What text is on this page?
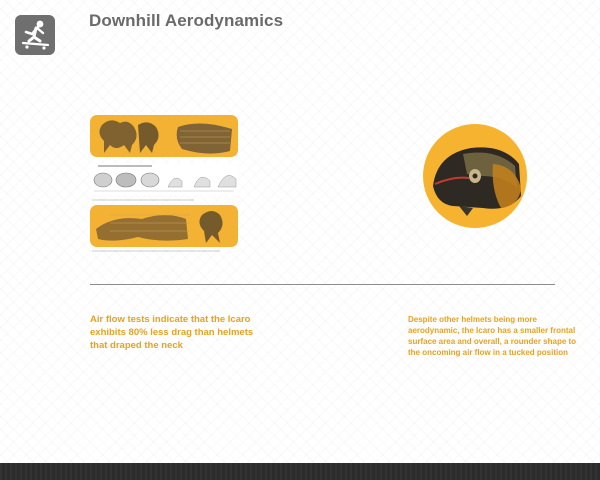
Downhill Aerodynamics

Air flow tests indicate that the Icaro exhibits 80% less drag than helmets that draped the neck

Despite other helmets being more aerodynamic, the Icaro has a smaller frontal surface area and overall, a rounder shape to the oncoming air flow in a tucked position
